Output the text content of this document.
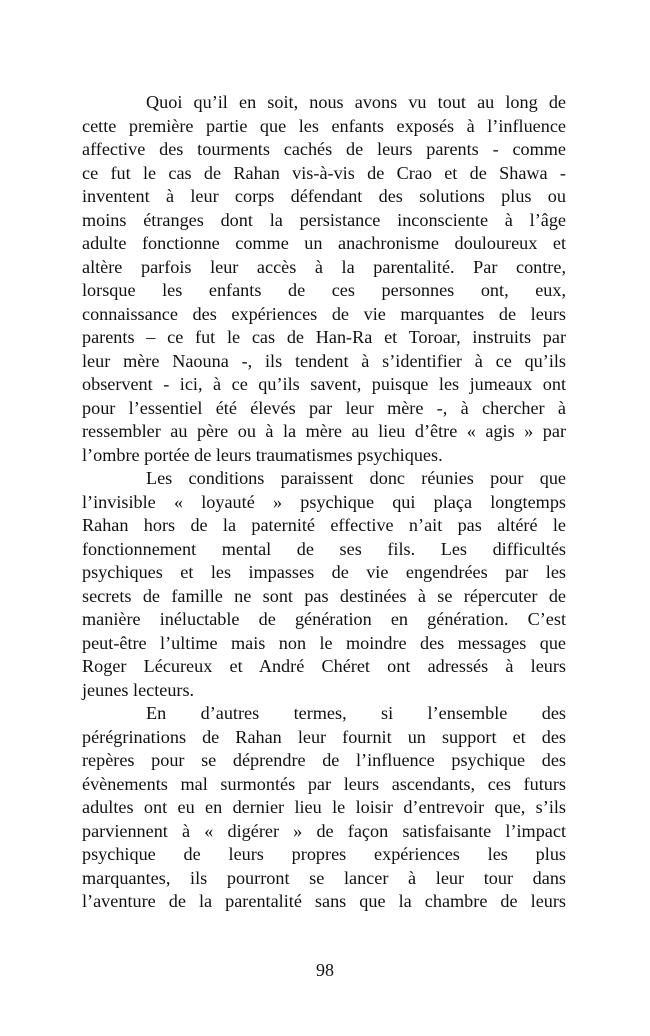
Quoi qu’il en soit, nous avons vu tout au long de
cette première partie que les enfants exposés à l’influence
affective des tourments cachés de leurs parents - comme
ce fut le cas de Rahan vis-à-vis de Crao et de Shawa -
inventent à leur corps défendant des solutions plus ou
moins étranges dont la persistance inconsciente à l’âge
adulte fonctionne comme un anachronisme douloureux et
altère parfois leur accès à la parentalité. Par contre,
lorsque les enfants de ces personnes ont, eux,
connaissance des expériences de vie marquantes de leurs
parents – ce fut le cas de Han-Ra et Toroar, instruits par
leur mère Naouna -, ils tendent à s’identifier à ce qu’ils
observent - ici, à ce qu’ils savent, puisque les jumeaux ont
pour l’essentiel été élevés par leur mère -, à chercher à
ressembler au père ou à la mère au lieu d’être « agis » par
l’ombre portée de leurs traumatismes psychiques.
Les conditions paraissent donc réunies pour que
l’invisible « loyauté » psychique qui plaça longtemps
Rahan hors de la paternité effective n’ait pas altéré le
fonctionnement mental de ses fils. Les difficultés
psychiques et les impasses de vie engendrées par les
secrets de famille ne sont pas destinées à se répercuter de
manière inéluctable de génération en génération. C’est
peut-être l’ultime mais non le moindre des messages que
Roger Lécureux et André Chéret ont adressés à leurs
jeunes lecteurs.
En d’autres termes, si l’ensemble des
pérégrinations de Rahan leur fournit un support et des
repères pour se déprendre de l’influence psychique des
évènements mal surmontés par leurs ascendants, ces futurs
adultes ont eu en dernier lieu le loisir d’entrevoir que, s’ils
parviennent à « digérer » de façon satisfaisante l’impact
psychique de leurs propres expériences les plus
marquantes, ils pourront se lancer à leur tour dans
l’aventure de la parentalité sans que la chambre de leurs
98
